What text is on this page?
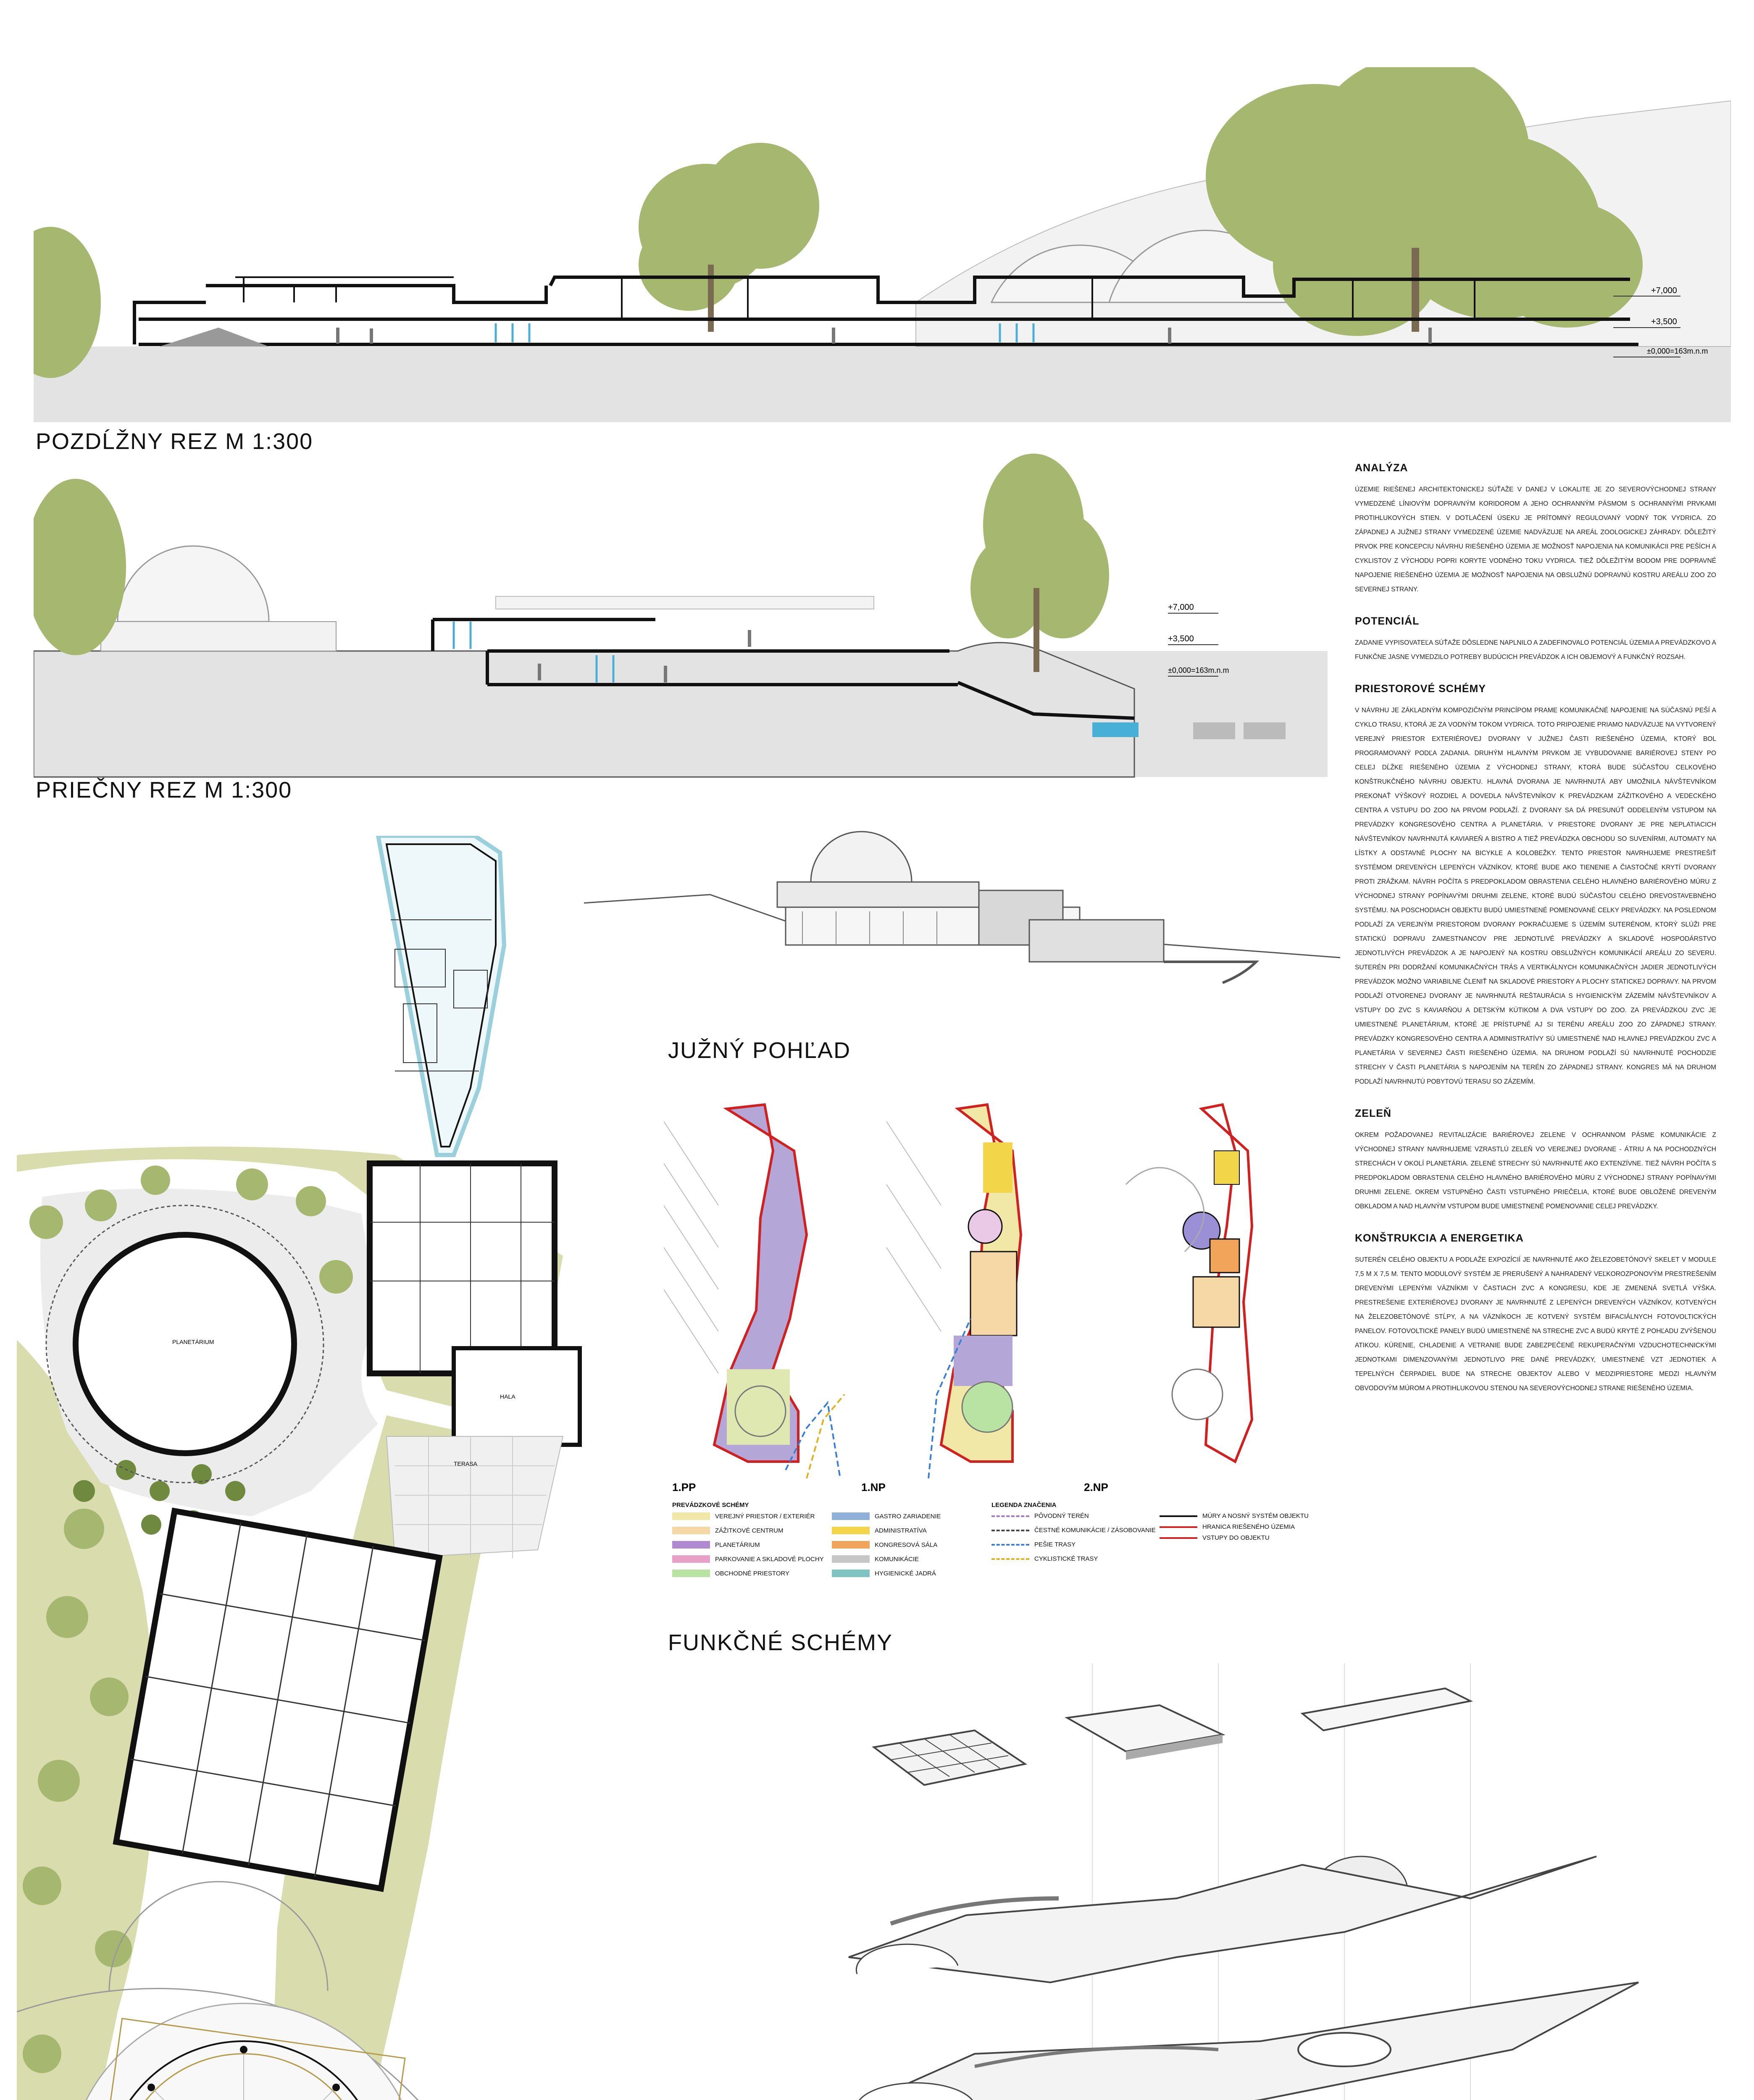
+7,000
+3,500
±0,000=163m.n.m
POZDĹŽNY REZ M 1:300
+7,000
+3,500
±0,000=163m.n.m
PRIEČNY REZ M 1:300
PLANETÁRIUM
HALA
TERASA
JUŽNÝ POHĽAD
1.PP	1.NP	2.NP
PREVÁDZKOVÉ SCHÉMY
VEREJNÝ PRIESTOR / EXTERIÉR
ZÁŽITKOVÉ CENTRUM
PLANETÁRIUM
PARKOVANIE A SKLADOVÉ PLOCHY
OBCHODNÉ PRIESTORY
GASTRO ZARIADENIE
ADMINISTRATÍVA
KONGRESOVÁ SÁLA
KOMUNIKÁCIE
HYGIENICKÉ JADRÁ
LEGENDA ZNAČENIA
PÔVODNÝ TERÉN
ČESTNÉ KOMUNIKÁCIE / ZÁSOBOVANIE
PEŠIE TRASY
CYKLISTICKÉ TRASY
MÚRY A NOSNÝ SYSTÉM OBJEKTU
HRANICA RIEŠENÉHO ÚZEMIA
VSTUPY DO OBJEKTU
FUNKČNÉ SCHÉMY
ANALÝZA
ÚZEMIE RIEŠENEJ ARCHITEKTONICKEJ SÚŤAŽE V DANEJ V LOKALITE JE ZO SEVEROVÝCHODNEJ STRANY VYMEDZENÉ LÍNIOVÝM DOPRAVNÝM KORIDOROM A JEHO OCHRANNÝM PÁSMOM S OCHRANNÝMI PRVKAMI PROTIHLUKOVÝCH STIEN. V DOTLAČENÍ ÚSEKU JE PRÍTOMNÝ REGULOVANÝ VODNÝ TOK VYDRICA. ZO ZÁPADNEJ A JUŽNEJ STRANY VYMEDZENÉ ÚZEMIE NADVÄZUJE NA AREÁL ZOOLOGICKEJ ZÁHRADY. DÔLEŽITÝ PRVOK PRE KONCEPCIU NÁVRHU RIEŠENÉHO ÚZEMIA JE MOŽNOSŤ NAPOJENIA NA KOMUNIKÁCII PRE PEŠÍCH A CYKLISTOV Z VÝCHODU POPRI KORYTE VODNÉHO TOKU VYDRICA. TIEŽ DÔLEŽITÝM BODOM PRE DOPRAVNÉ NAPOJENIE RIEŠENÉHO ÚZEMIA JE MOŽNOSŤ NAPOJENIA NA OBSLUŽNÚ DOPRAVNÚ KOSTRU AREÁLU ZOO ZO SEVERNEJ STRANY.
POTENCIÁL
ZADANIE VYPISOVATEĽA SÚŤAŽE DÔSLEDNE NAPLNILO A ZADEFINOVALO POTENCIÁL ÚZEMIA A PREVÁDZKOVO A FUNKČNE JASNE VYMEDZILO POTREBY BUDÚCICH PREVÁDZOK A ICH OBJEMOVÝ A FUNKČNÝ ROZSAH.
PRIESTOROVÉ SCHÉMY
V NÁVRHU JE ZÁKLADNÝM KOMPOZIČNÝM PRINCÍPOM PRAME KOMUNIKAČNÉ NAPOJENIE NA SÚČASNÚ PEŠÍ A CYKLO TRASU, KTORÁ JE ZA VODNÝM TOKOM VYDRICA. TOTO PRIPOJENIE PRIAMO NADVÄZUJE NA VYTVORENÝ VEREJNÝ PRIESTOR EXTERIÉROVEJ DVORANY V JUŽNEJ ČASTI RIEŠENÉHO ÚZEMIA, KTORÝ BOL PROGRAMOVANÝ PODĽA ZADANIA. DRUHÝM HLAVNÝM PRVKOM JE VYBUDOVANIE BARIÉROVEJ STENY PO CELEJ DĹŽKE RIEŠENÉHO ÚZEMIA Z VÝCHODNEJ STRANY, KTORÁ BUDE SÚČASŤOU CELKOVÉHO KONŠTRUKČNÉHO NÁVRHU OBJEKTU. HLAVNÁ DVORANA JE NAVRHNUTÁ ABY UMOŽNILA NÁVŠTEVNÍKOM PREKONAŤ VÝŠKOVÝ ROZDIEL A DOVEDLA NÁVŠTEVNÍKOV K PREVÁDZKAM ZÁŽITKOVÉHO A VEDECKÉHO CENTRA A VSTUPU DO ZOO NA PRVOM PODLAŽÍ. Z DVORANY SA DÁ PRESUNÚŤ ODDELENÝM VSTUPOM NA PREVÁDZKY KONGRESOVÉHO CENTRA A PLANETÁRIA. V PRIESTORE DVORANY JE PRE NEPLATIACICH NÁVŠTEVNÍKOV NAVRHNUTÁ KAVIAREŇ A BISTRO A TIEŽ PREVÁDZKA OBCHODU SO SUVENÍRMI, AUTOMATY NA LÍSTKY A ODSTAVNÉ PLOCHY NA BICYKLE A KOLOBEŽKY. TENTO PRIESTOR NAVRHUJEME PRESTREŠIŤ SYSTÉMOM DREVENÝCH LEPENÝCH VÄZNÍKOV, KTORÉ BUDE AKO TIENENIE A ČIASTOČNÉ KRYTÍ DVORANY PROTI ZRÁŽKAM. NÁVRH POČÍTA S PREDPOKLADOM OBRASTENIA CELÉHO HLAVNÉHO BARIÉROVÉHO MÚRU Z VÝCHODNEJ STRANY POPÍNAVÝMI DRUHMI ZELENE, KTORÉ BUDÚ SÚČASŤOU CELÉHO DREVOSTAVEBNÉHO SYSTÉMU. NA POSCHODIACH OBJEKTU BUDÚ UMIESTNENÉ POMENOVANÉ CELKY PREVÁDZKY. NA POSLEDNOM PODLAŽÍ ZA VEREJNÝM PRIESTOROM DVORANY POKRAČUJEME S ÚZEMÍM SUTERÉNOM, KTORÝ SLÚŽI PRE STATICKÚ DOPRAVU ZAMESTNANCOV PRE JEDNOTLIVÉ PREVÁDZKY A SKLADOVÉ HOSPODÁRSTVO JEDNOTLIVÝCH PREVÁDZOK A JE NAPOJENÝ NA KOSTRU OBSLUŽNÝCH KOMUNIKÁCIÍ AREÁLU ZO SEVERU. SUTERÉN PRI DODRŽANÍ KOMUNIKAČNÝCH TRÁS A VERTIKÁLNYCH KOMUNIKAČNÝCH JADIER JEDNOTLIVÝCH PREVÁDZOK MOŽNO VARIABILNE ČLENIŤ NA SKLADOVÉ PRIESTORY A PLOCHY STATICKEJ DOPRAVY. NA PRVOM PODLAŽÍ OTVORENEJ DVORANY JE NAVRHNUTÁ REŠTAURÁCIA S HYGIENICKÝM ZÁZEMÍM NÁVŠTEVNÍKOV A VSTUPY DO ZVC S KAVIARŇOU A DETSKÝM KÚTIKOM A DVA VSTUPY DO ZOO. ZA PREVÁDZKOU ZVC JE UMIESTNENÉ PLANETÁRIUM, KTORÉ JE PRÍSTUPNÉ AJ SI TERÉNU AREÁLU ZOO ZO ZÁPADNEJ STRANY. PREVÁDZKY KONGRESOVÉHO CENTRA A ADMINISTRATÍVY SÚ UMIESTNENÉ NAD HLAVNEJ PREVÁDZKOU ZVC A PLANETÁRIA V SEVERNEJ ČASTI RIEŠENÉHO ÚZEMIA. NA DRUHOM PODLAŽÍ SÚ NAVRHNUTÉ POCHODZIE STRECHY V ČASTI PLANETÁRIA S NAPOJENÍM NA TERÉN ZO ZÁPADNEJ STRANY. KONGRES MÁ NA DRUHOM PODLAŽÍ NAVRHNUTÚ POBYTOVÚ TERASU SO ZÁZEMÍM.
ZELEŇ
OKREM POŽADOVANEJ REVITALIZÁCIE BARIÉROVEJ ZELENE V OCHRANNOM PÁSME KOMUNIKÁCIE Z VÝCHODNEJ STRANY NAVRHUJEME VZRASTLÚ ZELEŇ VO VEREJNEJ DVORANE - ÁTRIU A NA POCHODZNÝCH STRECHÁCH V OKOLÍ PLANETÁRIA. ZELENÉ STRECHY SÚ NAVRHNUTÉ AKO EXTENZÍVNE. TIEŽ NÁVRH POČÍTA S PREDPOKLADOM OBRASTENIA CELÉHO HLAVNÉHO BARIÉROVÉHO MÚRU Z VÝCHODNEJ STRANY POPÍNAVÝMI DRUHMI ZELENE. OKREM VSTUPNÉHO ČASTI VSTUPNÉHO PRIEČELIA, KTORÉ BUDE OBLOŽENÉ DREVENÝM OBKLADOM A NAD HLAVNÝM VSTUPOM BUDE UMIESTNENÉ POMENOVANIE CELEJ PREVÁDZKY.
KONŠTRUKCIA A ENERGETIKA
SUTERÉN CELÉHO OBJEKTU A PODLAŽE EXPOZÍCIÍ JE NAVRHNUTÉ AKO ŽELEZOBETÓNOVÝ SKELET V MODULE 7,5 M X 7,5 M. TENTO MODULOVÝ SYSTÉM JE PRERUŠENÝ A NAHRADENÝ VEĽKOROZPONOVÝM PRESTREŠENÍM DREVENÝMI LEPENÝMI VÄZNÍKMI V ČASTIACH ZVC A KONGRESU, KDE JE ZMENENÁ SVETLÁ VÝŠKA. PRESTREŠENIE EXTERIÉROVEJ DVORANY JE NAVRHNUTÉ Z LEPENÝCH DREVENÝCH VÄZNÍKOV, KOTVENÝCH NA ŽELEZOBETÓNOVÉ STĹPY, A NA VÄZNÍKOCH JE KOTVENÝ SYSTÉM BIFACIÁLNYCH FOTOVOLTICKÝCH PANELOV. FOTOVOLTICKÉ PANELY BUDÚ UMIESTNENÉ NA STRECHE ZVC A BUDÚ KRYTÉ Z POHĽADU ZVÝŠENOU ATIKOU. KÚRENIE, CHLADENIE A VETRANIE BUDE ZABEZPEČENÉ REKUPERAČNÝMI VZDUCHOTECHNICKÝMI JEDNOTKAMI DIMENZOVANÝMI JEDNOTLIVO PRE DANÉ PREVÁDZKY, UMIESTNENÉ VZT JEDNOTIEK A TEPELNÝCH ČERPADIEL BUDE NA STRECHE OBJEKTOV ALEBO V MEDZIPRIESTORE MEDZI HLAVNÝM OBVODOVÝM MÚROM A PROTIHLUKOVOU STENOU NA SEVEROVÝCHODNEJ STRANE RIEŠENÉHO ÚZEMIA.
